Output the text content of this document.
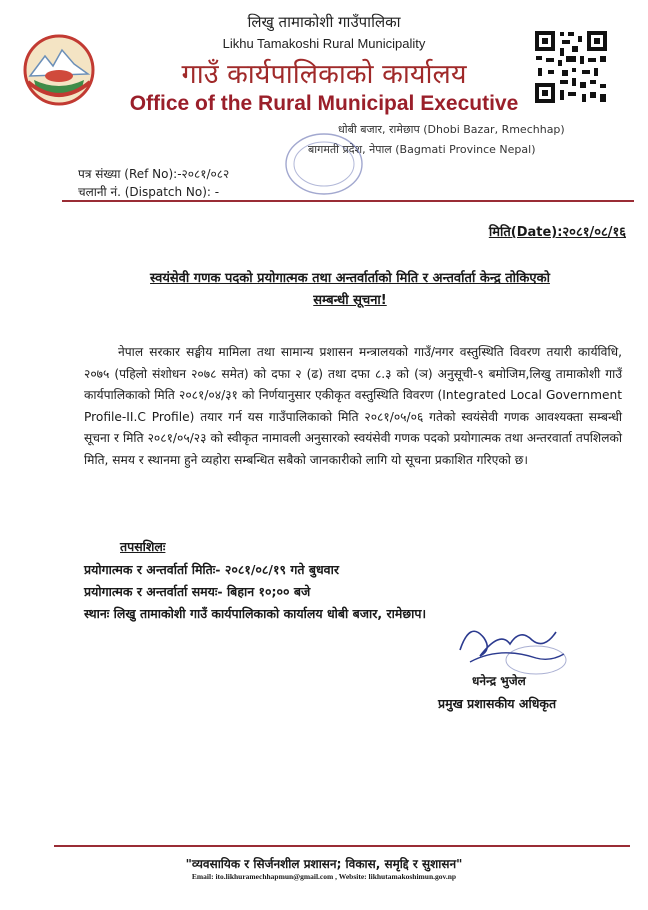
लिखु तामाकोशी गाउँपालिका
Likhu Tamakoshi Rural Municipality
गाउँ कार्यपालिकाको कार्यालय
Office of the Rural Municipal Executive
धोबी बजार, रामेछाप (Dhobi Bazar, Rmechhap)
बागमती प्रदेश, नेपाल (Bagmati Province Nepal)
पत्र संख्या (Ref No):-२०८१/०८२
चलानी नं. (Dispatch No): -
मिति(Date):२०८१/०८/१६
स्वयंसेवी गणक पदको प्रयोगात्मक तथा अन्तर्वार्ताको मिति र अन्तर्वार्ता केन्द्र तोकिएको
सम्बन्धी सूचना!
नेपाल सरकार सङ्घीय मामिला तथा सामान्य प्रशासन मन्त्रालयको गाउँ/नगर वस्तुस्थिति विवरण तयारी कार्यविधि, २०७५ (पहिलो संशोधन २०७८ समेत) को दफा २ (ढ) तथा दफा ८.३ को (ञ) अनुसूची-९ बमोजिम,लिखु तामाकोशी गाउँ कार्यपालिकाको मिति २०८१/०४/३१ को निर्णयानुसार एकीकृत वस्तुस्थिति विवरण (Integrated Local Government Profile-II.C Profile) तयार गर्न यस गाउँपालिकाको मिति २०८१/०५/०६ गतेको स्वयंसेवी गणक आवश्यक्ता सम्बन्धी सूचना र मिति २०८१/०५/२३ को स्वीकृत नामावली अनुसारको स्वयंसेवी गणक पदको प्रयोगात्मक तथा अन्तरवार्ता तपशिलको मिति, समय र स्थानमा हुने व्यहोरा सम्बन्धित सबैको जानकारीको लागि यो सूचना प्रकाशित गरिएको छ।
तपसशिलः
प्रयोगात्मक र अन्तर्वार्ता मितिः- २०८१/०८/१९ गते बुधवार
प्रयोगात्मक र अन्तर्वार्ता समयः- बिहान १०;०० बजे
स्थानः लिखु तामाकोशी गाउँ कार्यपालिकाको कार्यालय धोबी बजार, रामेछाप।
धनेन्द्र भुजेल
प्रमुख प्रशासकीय अधिकृत
"व्यवसायिक र सिर्जनशील प्रशासन; विकास, समृद्दि र सुशासन"
Email: ito.likhuramechhapmun@gmail.com , Website: likhutamakoshimun.gov.np
